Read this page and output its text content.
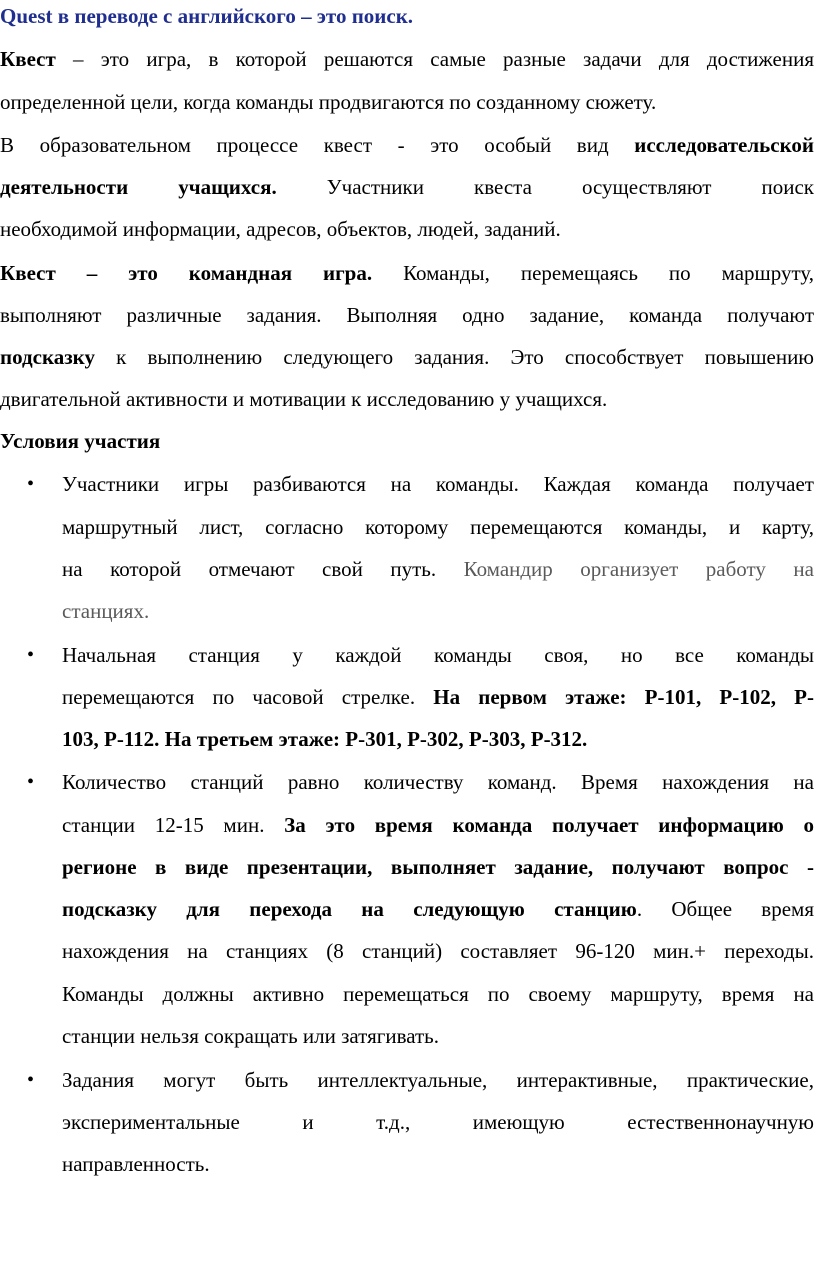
Quest в переводе с английского – это поиск.
Квест – это игра, в которой решаются самые разные задачи для достижения
определенной цели, когда команды продвигаются по созданному сюжету.
В образовательном процессе квест - это особый вид исследовательской
деятельности учащихся. Участники квеста осуществляют поиск
необходимой информации, адресов, объектов, людей, заданий.
Квест – это командная игра. Команды, перемещаясь по маршруту,
выполняют различные задания. Выполняя одно задание, команда получают
подсказку к выполнению следующего задания. Это способствует повышению
двигательной активности и мотивации к исследованию у учащихся.
Условия участия
• Участники игры разбиваются на команды. Каждая команда получает
маршрутный лист, согласно которому перемещаются команды, и карту,
на которой отмечают свой путь. Командир организует работу на
станциях.
• Начальная станция у каждой команды своя, но все команды
перемещаются по часовой стрелке. На первом этаже: Р-101, Р-102, Р-
103, Р-112. На третьем этаже: Р-301, Р-302, Р-303, Р-312.
• Количество станций равно количеству команд. Время нахождения на
станции 12-15 мин. За это время команда получает информацию о
регионе в виде презентации, выполняет задание, получают вопрос -
подсказку для перехода на следующую станцию. Общее время
нахождения на станциях (8 станций) составляет 96-120 мин.+ переходы.
Команды должны активно перемещаться по своему маршруту, время на
станции нельзя сокращать или затягивать.
• Задания могут быть интеллектуальные, интерактивные, практические,
экспериментальные и т.д., имеющую естественнонаучную
направленность.
